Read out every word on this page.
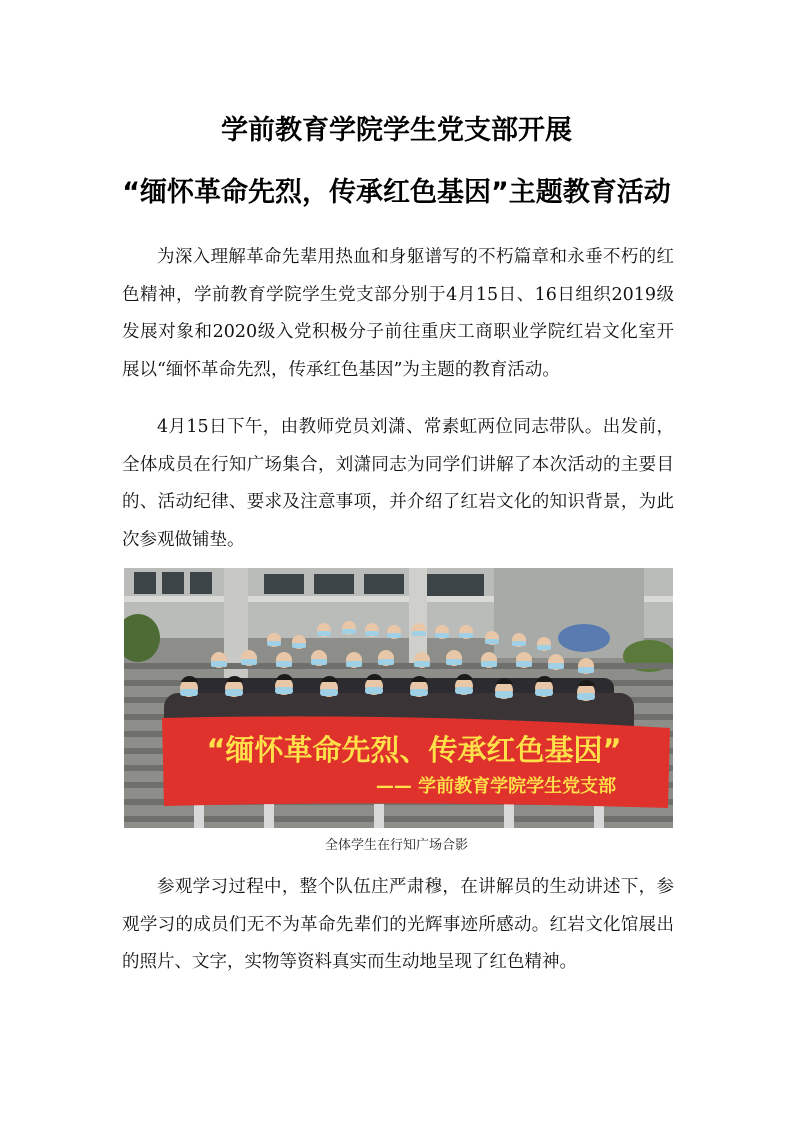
学前教育学院学生党支部开展
“缅怀革命先烈，传承红色基因”主题教育活动

为深入理解革命先辈用热血和身躯谱写的不朽篇章和永垂不朽的红色精神，学前教育学院学生党支部分别于4月15日、16日组织2019级发展对象和2020级入党积极分子前往重庆工商职业学院红岩文化室开展以“缅怀革命先烈，传承红色基因”为主题的教育活动。

4月15日下午，由教师党员刘潇、常素虹两位同志带队。出发前，全体成员在行知广场集合，刘潇同志为同学们讲解了本次活动的主要目的、活动纪律、要求及注意事项，并介绍了红岩文化的知识背景，为此次参观做铺垫。

“缅怀革命先烈、传承红色基因”
—— 学前教育学院学生党支部
全体学生在行知广场合影

参观学习过程中，整个队伍庄严肃穆，在讲解员的生动讲述下，参观学习的成员们无不为革命先辈们的光辉事迹所感动。红岩文化馆展出的照片、文字，实物等资料真实而生动地呈现了红色精神。
